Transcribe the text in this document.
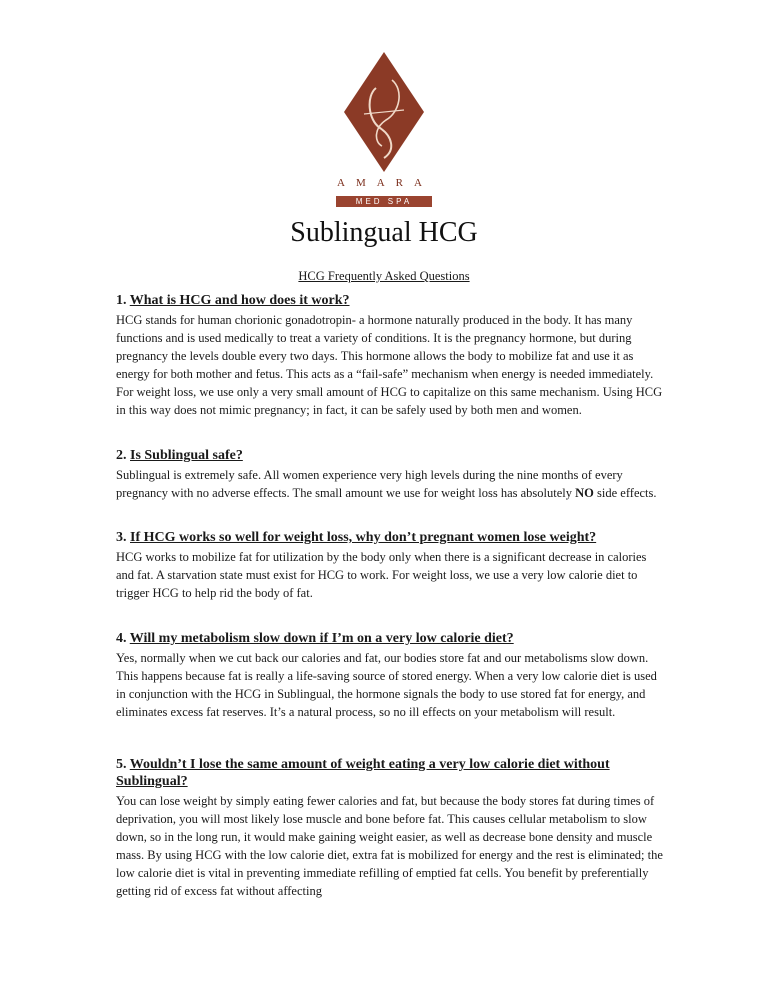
AMARA
MED SPA
Sublingual HCG
HCG Frequently Asked Questions

1. What is HCG and how does it work?

HCG stands for human chorionic gonadotropin- a hormone naturally produced in the body. It has many functions and is used medically to treat a variety of conditions. It is the pregnancy hormone, but during pregnancy the levels double every two days. This hormone allows the body to mobilize fat and use it as energy for both mother and fetus. This acts as a “fail-safe” mechanism when energy is needed immediately. For weight loss, we use only a very small amount of HCG to capitalize on this same mechanism. Using HCG in this way does not mimic pregnancy; in fact, it can be safely used by both men and women.

2. Is Sublingual safe?

Sublingual is extremely safe. All women experience very high levels during the nine months of every pregnancy with no adverse effects. The small amount we use for weight loss has absolutely NO side effects.

3. If HCG works so well for weight loss, why don’t pregnant women lose weight?

HCG works to mobilize fat for utilization by the body only when there is a significant decrease in calories and fat. A starvation state must exist for HCG to work. For weight loss, we use a very low calorie diet to trigger HCG to help rid the body of fat.

4. Will my metabolism slow down if I’m on a very low calorie diet?

Yes, normally when we cut back our calories and fat, our bodies store fat and our metabolisms slow down. This happens because fat is really a life-saving source of stored energy. When a very low calorie diet is used in conjunction with the HCG in Sublingual, the hormone signals the body to use stored fat for energy, and eliminates excess fat reserves. It’s a natural process, so no ill effects on your metabolism will result.

5. Wouldn’t I lose the same amount of weight eating a very low calorie diet without Sublingual?

You can lose weight by simply eating fewer calories and fat, but because the body stores fat during times of deprivation, you will most likely lose muscle and bone before fat. This causes cellular metabolism to slow down, so in the long run, it would make gaining weight easier, as well as decrease bone density and muscle mass. By using HCG with the low calorie diet, extra fat is mobilized for energy and the rest is eliminated; the low calorie diet is vital in preventing immediate refilling of emptied fat cells. You benefit by preferentially getting rid of excess fat without affecting
